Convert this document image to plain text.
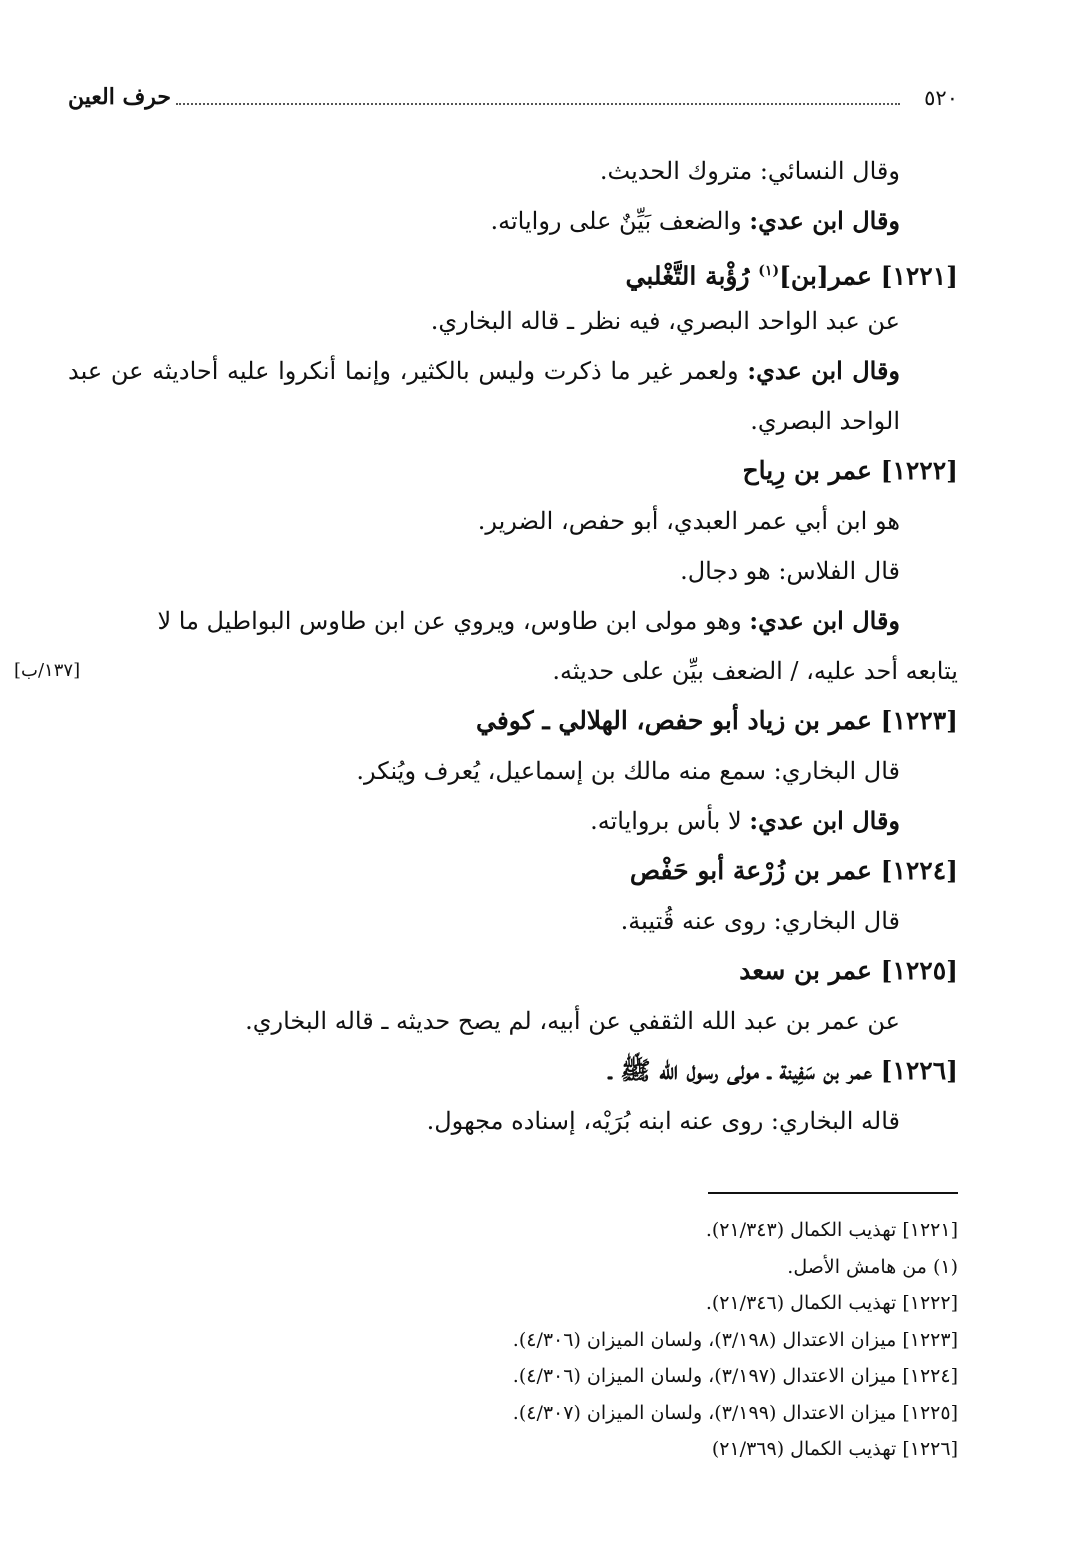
٥٢٠
حرف العين
وقال النسائي: متروك الحديث.
وقال ابن عدي: والضعف بَيِّنٌ على رواياته.
[١٢٢١] عمر[بن]$^{(١)}$ رُؤْبة التَّغْلبي
عن عبد الواحد البصري، فيه نظر ـ قاله البخاري.
وقال ابن عدي: ولعمر غير ما ذكرت وليس بالكثير، وإنما أنكروا عليه أحاديثه عن عبد الواحد البصري.
[١٢٢٢] عمر بن رِياح
هو ابن أبي عمر العبدي، أبو حفص، الضرير.
قال الفلاس: هو دجال.
وقال ابن عدي: وهو مولى ابن طاوس، ويروي عن ابن طاوس البواطيل ما لا
يتابعه أحد عليه، / الضعف بيِّن على حديثه.
[١٣٧/ب]
[١٢٢٣] عمر بن زياد أبو حفص، الهلالي ـ كوفي
قال البخاري: سمع منه مالك بن إسماعيل، يُعرف ويُنكر.
وقال ابن عدي: لا بأس برواياته.
[١٢٢٤] عمر بن زُرْعة أبو حَفْص
قال البخاري: روى عنه قُتيبة.
[١٢٢٥] عمر بن سعد
عن عمر بن عبد الله الثقفي عن أبيه، لم يصح حديثه ـ قاله البخاري.
[١٢٢٦] عمر بن سَفِينة ـ مولى رسول الله ﷺ ـ
قاله البخاري: روى عنه ابنه بُرَيْه، إسناده مجهول.
[١٢٢١] تهذيب الكمال (٢١/٣٤٣).
(١) من هامش الأصل.
[١٢٢٢] تهذيب الكمال (٢١/٣٤٦).
[١٢٢٣] ميزان الاعتدال (٣/١٩٨)، ولسان الميزان (٤/٣٠٦).
[١٢٢٤] ميزان الاعتدال (٣/١٩٧)، ولسان الميزان (٤/٣٠٦).
[١٢٢٥] ميزان الاعتدال (٣/١٩٩)، ولسان الميزان (٤/٣٠٧).
[١٢٢٦] تهذيب الكمال (٢١/٣٦٩)
